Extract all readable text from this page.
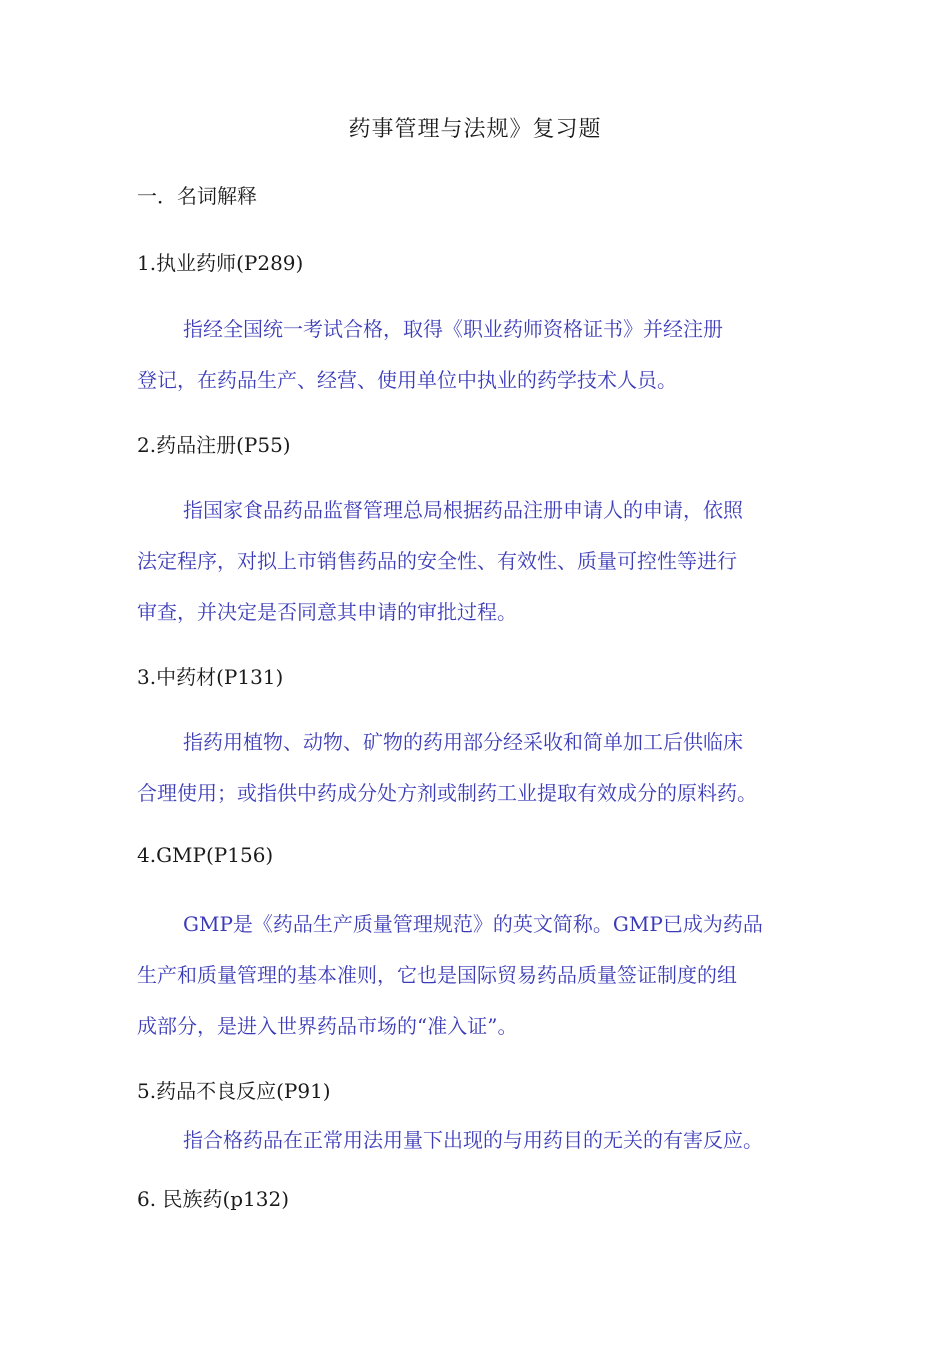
药事管理与法规》复习题
一．名词解释
1.执业药师(P289)
指经全国统一考试合格，取得《职业药师资格证书》并经注册
登记，在药品生产、经营、使用单位中执业的药学技术人员。
2.药品注册(P55)
指国家食品药品监督管理总局根据药品注册申请人的申请，依照
法定程序，对拟上市销售药品的安全性、有效性、质量可控性等进行
审查，并决定是否同意其申请的审批过程。
3.中药材(P131)
指药用植物、动物、矿物的药用部分经采收和简单加工后供临床
合理使用；或指供中药成分处方剂或制药工业提取有效成分的原料药。
4.GMP(P156)
GMP是《药品生产质量管理规范》的英文简称。GMP已成为药品
生产和质量管理的基本准则，它也是国际贸易药品质量签证制度的组
成部分，是进入世界药品市场的“准入证”。
5.药品不良反应(P91)
指合格药品在正常用法用量下出现的与用药目的无关的有害反应。
6. 民族药(p132)
